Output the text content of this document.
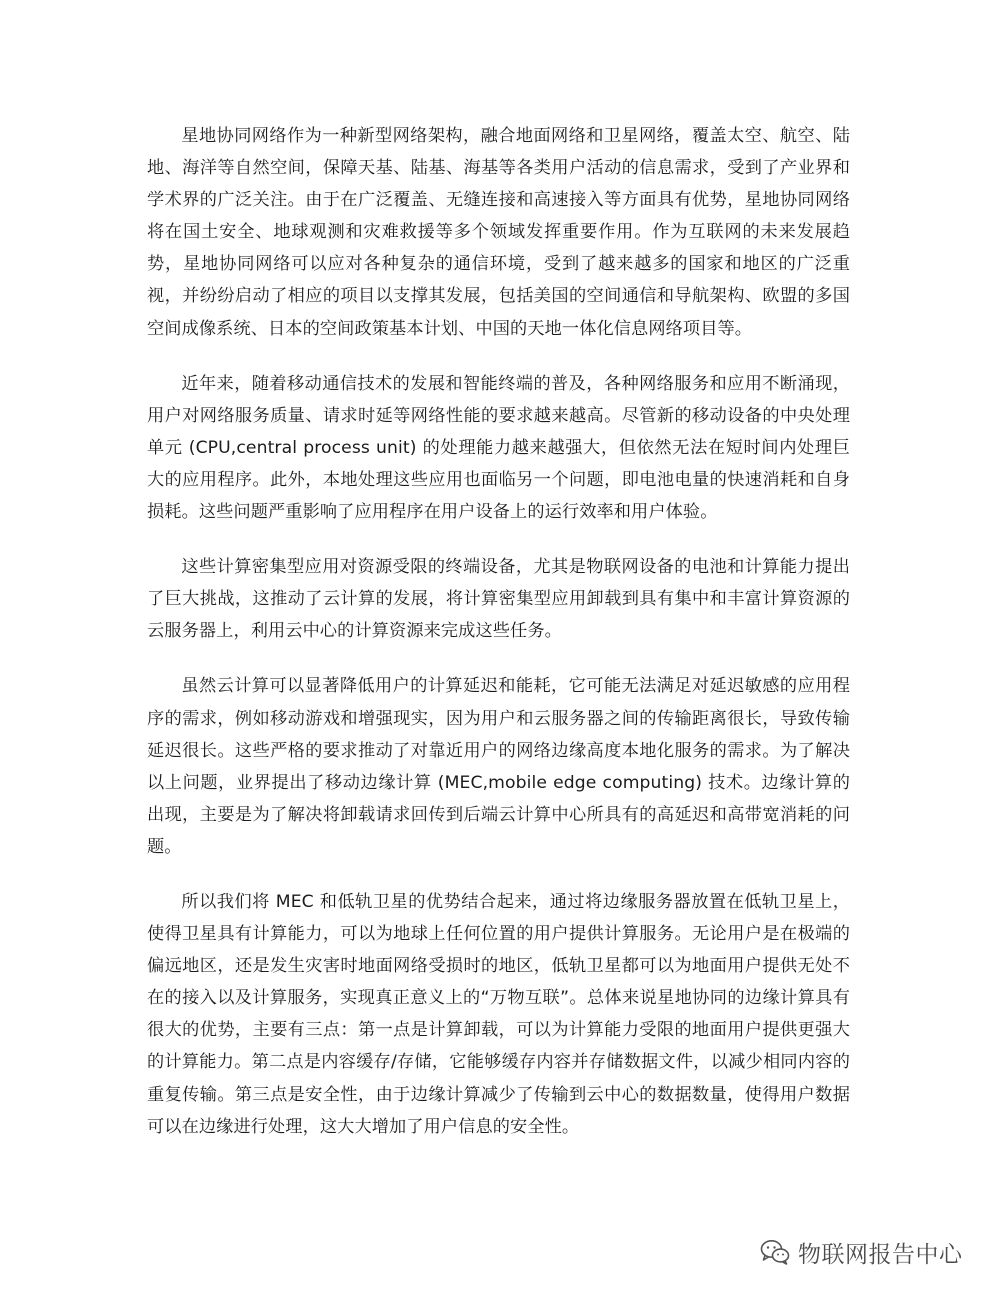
星地协同网络作为一种新型网络架构，融合地面网络和卫星网络，覆盖太空、航空、陆地、海洋等自然空间，保障天基、陆基、海基等各类用户活动的信息需求，受到了产业界和学术界的广泛关注。由于在广泛覆盖、无缝连接和高速接入等方面具有优势，星地协同网络将在国土安全、地球观测和灾难救援等多个领域发挥重要作用。作为互联网的未来发展趋势，星地协同网络可以应对各种复杂的通信环境，受到了越来越多的国家和地区的广泛重视，并纷纷启动了相应的项目以支撑其发展，包括美国的空间通信和导航架构、欧盟的多国空间成像系统、日本的空间政策基本计划、中国的天地一体化信息网络项目等。

近年来，随着移动通信技术的发展和智能终端的普及，各种网络服务和应用不断涌现，用户对网络服务质量、请求时延等网络性能的要求越来越高。尽管新的移动设备的中央处理单元 (CPU,central process unit) 的处理能力越来越强大，但依然无法在短时间内处理巨大的应用程序。此外，本地处理这些应用也面临另一个问题，即电池电量的快速消耗和自身损耗。这些问题严重影响了应用程序在用户设备上的运行效率和用户体验。

这些计算密集型应用对资源受限的终端设备，尤其是物联网设备的电池和计算能力提出了巨大挑战，这推动了云计算的发展，将计算密集型应用卸载到具有集中和丰富计算资源的云服务器上，利用云中心的计算资源来完成这些任务。

虽然云计算可以显著降低用户的计算延迟和能耗，它可能无法满足对延迟敏感的应用程序的需求，例如移动游戏和增强现实，因为用户和云服务器之间的传输距离很长，导致传输延迟很长。这些严格的要求推动了对靠近用户的网络边缘高度本地化服务的需求。为了解决以上问题，业界提出了移动边缘计算 (MEC,mobile edge computing) 技术。边缘计算的出现，主要是为了解决将卸载请求回传到后端云计算中心所具有的高延迟和高带宽消耗的问题。

所以我们将 MEC 和低轨卫星的优势结合起来，通过将边缘服务器放置在低轨卫星上，使得卫星具有计算能力，可以为地球上任何位置的用户提供计算服务。无论用户是在极端的偏远地区，还是发生灾害时地面网络受损时的地区，低轨卫星都可以为地面用户提供无处不在的接入以及计算服务，实现真正意义上的“万物互联”。总体来说星地协同的边缘计算具有很大的优势，主要有三点：第一点是计算卸载，可以为计算能力受限的地面用户提供更强大的计算能力。第二点是内容缓存/存储，它能够缓存内容并存储数据文件，以减少相同内容的重复传输。第三点是安全性，由于边缘计算减少了传输到云中心的数据数量，使得用户数据可以在边缘进行处理，这大大增加了用户信息的安全性。

物联网报告中心
